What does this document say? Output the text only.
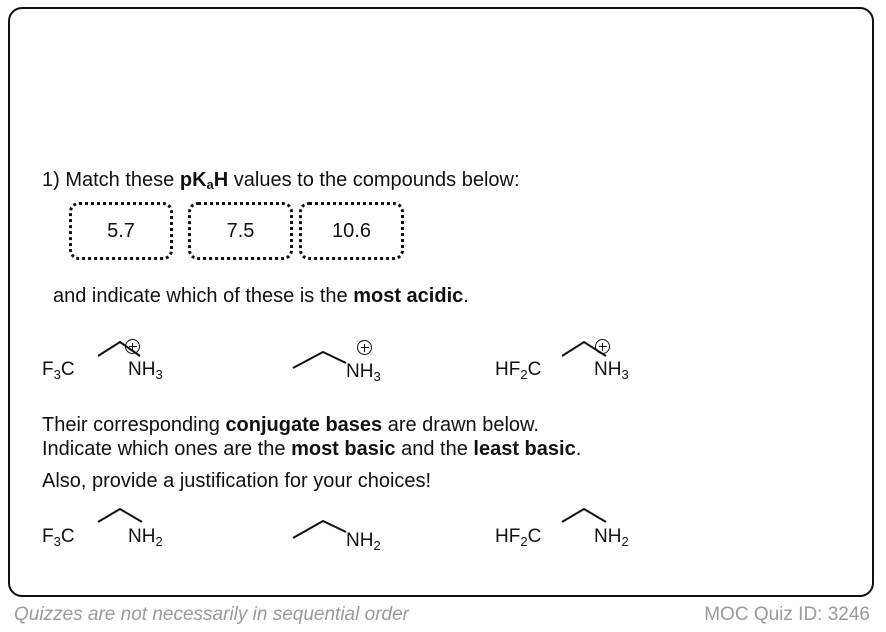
1) Match these $pK_aH$ values to the compounds below:
5.7	7.5	10.6
and indicate which of these is the most acidic.
$F_3C$	$NH_3$	$NH_3$	$HF_2C$	$NH_3$
Their corresponding conjugate bases are drawn below.
Indicate which ones are the most basic and the least basic.
Also, provide a justification for your choices!
$F_3C$	$NH_2$	$NH_2$	$HF_2C$	$NH_2$
Quizzes are not necessarily in sequential order	MOC Quiz ID: 3246
